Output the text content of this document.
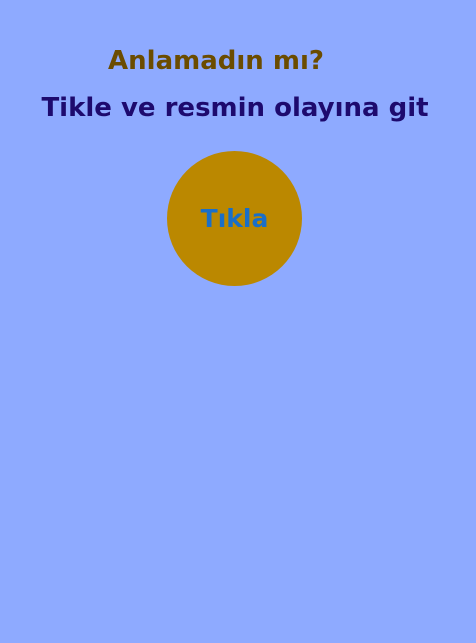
Anlamadın mı?
Tikle ve resmin olayına git
Tıkla
